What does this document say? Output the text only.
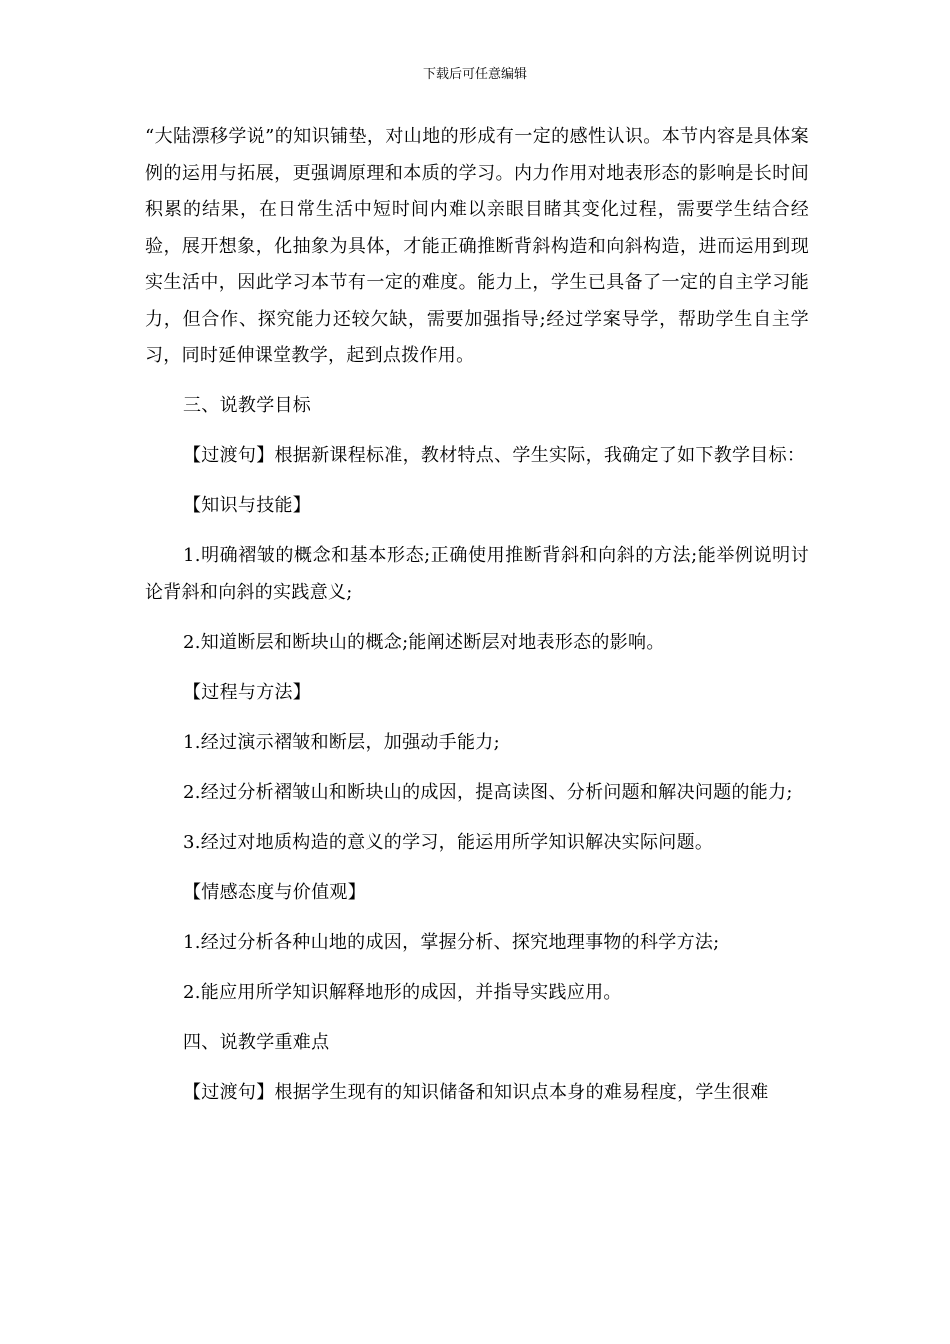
下载后可任意编辑

“大陆漂移学说”的知识铺垫，对山地的形成有一定的感性认识。本节内容是具体案例的运用与拓展，更强调原理和本质的学习。内力作用对地表形态的影响是长时间积累的结果，在日常生活中短时间内难以亲眼目睹其变化过程，需要学生结合经验，展开想象，化抽象为具体，才能正确推断背斜构造和向斜构造，进而运用到现实生活中，因此学习本节有一定的难度。能力上，学生已具备了一定的自主学习能力，但合作、探究能力还较欠缺，需要加强指导;经过学案导学，帮助学生自主学习，同时延伸课堂教学，起到点拨作用。

三、说教学目标

【过渡句】根据新课程标准，教材特点、学生实际，我确定了如下教学目标：

【知识与技能】

1.明确褶皱的概念和基本形态;正确使用推断背斜和向斜的方法;能举例说明讨论背斜和向斜的实践意义;

2.知道断层和断块山的概念;能阐述断层对地表形态的影响。

【过程与方法】

1.经过演示褶皱和断层，加强动手能力;

2.经过分析褶皱山和断块山的成因，提高读图、分析问题和解决问题的能力;

3.经过对地质构造的意义的学习，能运用所学知识解决实际问题。

【情感态度与价值观】

1.经过分析各种山地的成因，掌握分析、探究地理事物的科学方法;

2.能应用所学知识解释地形的成因，并指导实践应用。

四、说教学重难点

【过渡句】根据学生现有的知识储备和知识点本身的难易程度，学生很难
